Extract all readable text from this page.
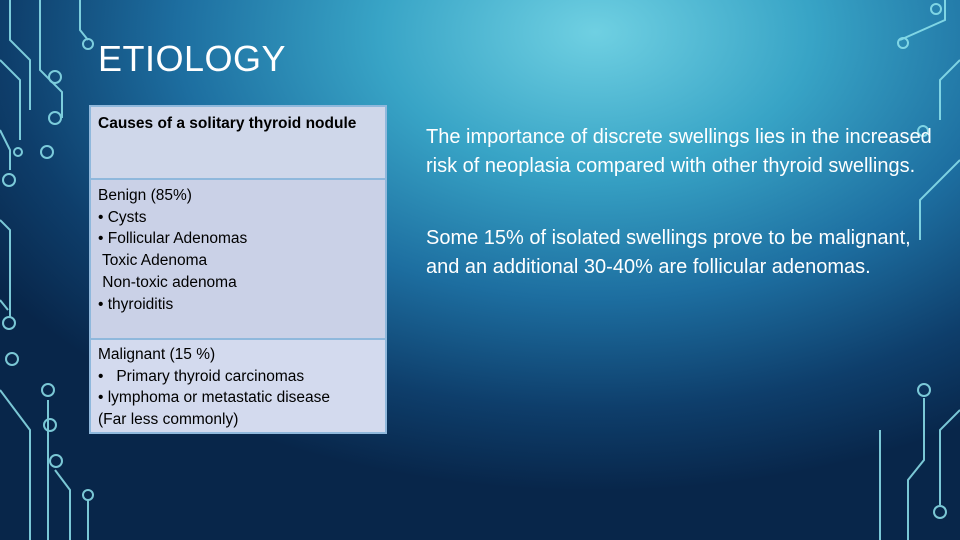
ETIOLOGY
Causes of a solitary thyroid nodule
Benign (85%)
• Cysts
• Follicular Adenomas
Toxic Adenoma
Non-toxic adenoma
• thyroiditis
Malignant (15 %)
•   Primary thyroid carcinomas
• lymphoma or metastatic disease
(Far less commonly)

The importance of discrete swellings lies in the increased risk of neoplasia compared with other thyroid swellings.

Some 15% of isolated swellings prove to be malignant, and an additional 30-40% are follicular adenomas.
